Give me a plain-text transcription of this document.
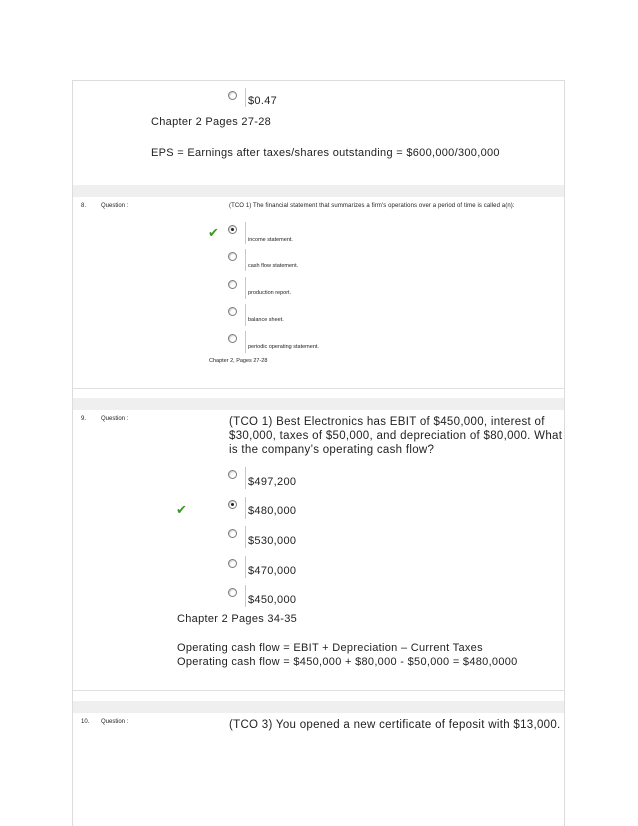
$0.47
Chapter 2 Pages 27-28
EPS = Earnings after taxes/shares outstanding = $600,000/300,000
8. Question :	(TCO 1) The financial statement that summarizes a firm's operations over a period of time is called a(n):
✔	income statement.
cash flow statement.
production report.
balance sheet.
periodic operating statement.
Chapter 2, Pages 27-28
9. Question :	(TCO 1) Best Electronics has EBIT of $450,000, interest of
$30,000, taxes of $50,000, and depreciation of $80,000. What
is the company’s operating cash flow?
$497,200
✔	$480,000
$530,000
$470,000
$450,000
Chapter 2 Pages 34-35
Operating cash flow = EBIT + Depreciation – Current Taxes
Operating cash flow = $450,000 + $80,000 - $50,000 = $480,0000
10. Question :	(TCO 3) You opened a new certificate of feposit with $13,000.
